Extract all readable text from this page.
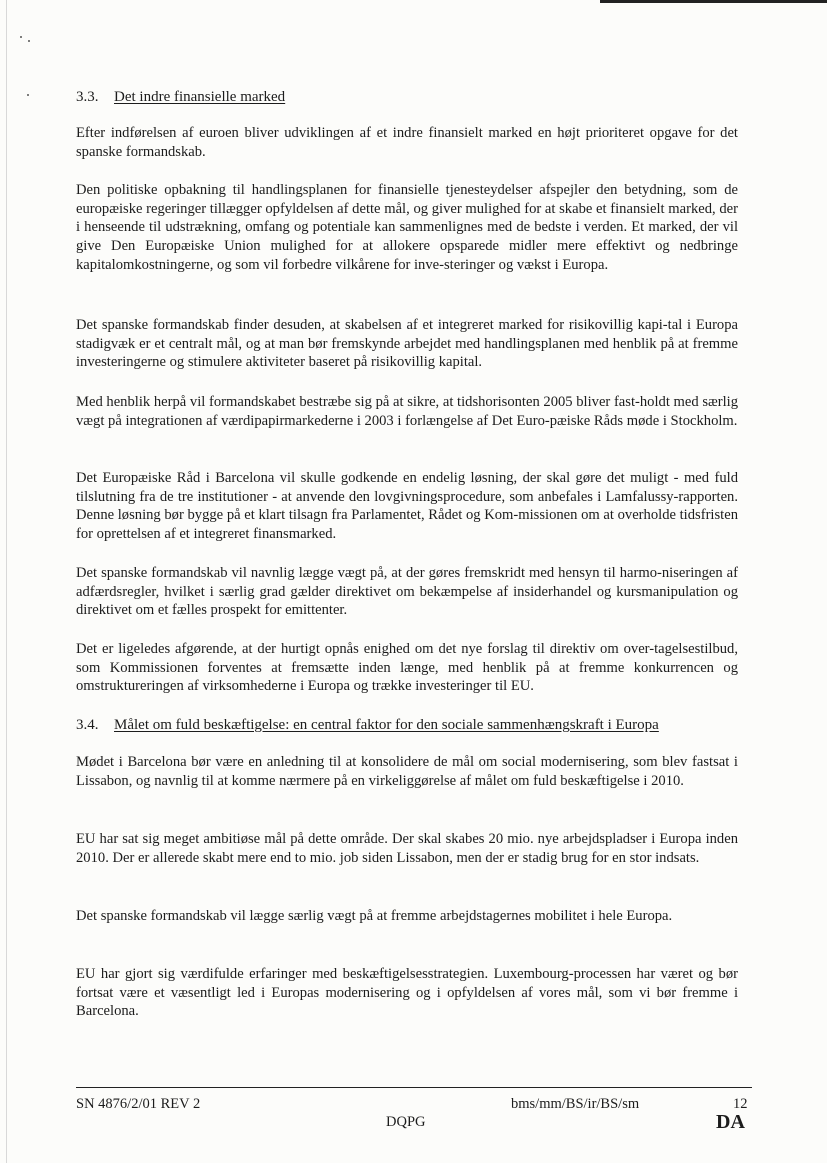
3.3. Det indre finansielle marked

Efter indførelsen af euroen bliver udviklingen af et indre finansielt marked en højt prioriteret opgave for det spanske formandskab.

Den politiske opbakning til handlingsplanen for finansielle tjenesteydelser afspejler den betydning, som de europæiske regeringer tillægger opfyldelsen af dette mål, og giver mulighed for at skabe et finansielt marked, der i henseende til udstrækning, omfang og potentiale kan sammenlignes med de bedste i verden. Et marked, der vil give Den Europæiske Union mulighed for at allokere opsparede midler mere effektivt og nedbringe kapitalomkostningerne, og som vil forbedre vilkårene for inve-steringer og vækst i Europa.

Det spanske formandskab finder desuden, at skabelsen af et integreret marked for risikovillig kapi-tal i Europa stadigvæk er et centralt mål, og at man bør fremskynde arbejdet med handlingsplanen med henblik på at fremme investeringerne og stimulere aktiviteter baseret på risikovillig kapital.

Med henblik herpå vil formandskabet bestræbe sig på at sikre, at tidshorisonten 2005 bliver fast-holdt med særlig vægt på integrationen af værdipapirmarkederne i 2003 i forlængelse af Det Euro-pæiske Råds møde i Stockholm.

Det Europæiske Råd i Barcelona vil skulle godkende en endelig løsning, der skal gøre det muligt - med fuld tilslutning fra de tre institutioner - at anvende den lovgivningsprocedure, som anbefales i Lamfalussy-rapporten. Denne løsning bør bygge på et klart tilsagn fra Parlamentet, Rådet og Kom-missionen om at overholde tidsfristen for oprettelsen af et integreret finansmarked.

Det spanske formandskab vil navnlig lægge vægt på, at der gøres fremskridt med hensyn til harmo-niseringen af adfærdsregler, hvilket i særlig grad gælder direktivet om bekæmpelse af insiderhandel og kursmanipulation og direktivet om et fælles prospekt for emittenter.

Det er ligeledes afgørende, at der hurtigt opnås enighed om det nye forslag til direktiv om over-tagelsestilbud, som Kommissionen forventes at fremsætte inden længe, med henblik på at fremme konkurrencen og omstruktureringen af virksomhederne i Europa og trække investeringer til EU.

3.4. Målet om fuld beskæftigelse: en central faktor for den sociale sammenhængskraft i Europa

Mødet i Barcelona bør være en anledning til at konsolidere de mål om social modernisering, som blev fastsat i Lissabon, og navnlig til at komme nærmere på en virkeliggørelse af målet om fuld beskæftigelse i 2010.

EU har sat sig meget ambitiøse mål på dette område. Der skal skabes 20 mio. nye arbejdspladser i Europa inden 2010. Der er allerede skabt mere end to mio. job siden Lissabon, men der er stadig brug for en stor indsats.

Det spanske formandskab vil lægge særlig vægt på at fremme arbejdstagernes mobilitet i hele Europa.

EU har gjort sig værdifulde erfaringer med beskæftigelsesstrategien. Luxembourg-processen har været og bør fortsat være et væsentligt led i Europas modernisering og i opfyldelsen af vores mål, som vi bør fremme i Barcelona.

SN 4876/2/01 REV 2	bms/mm/BS/ir/BS/sm	12
DQPG	DA
